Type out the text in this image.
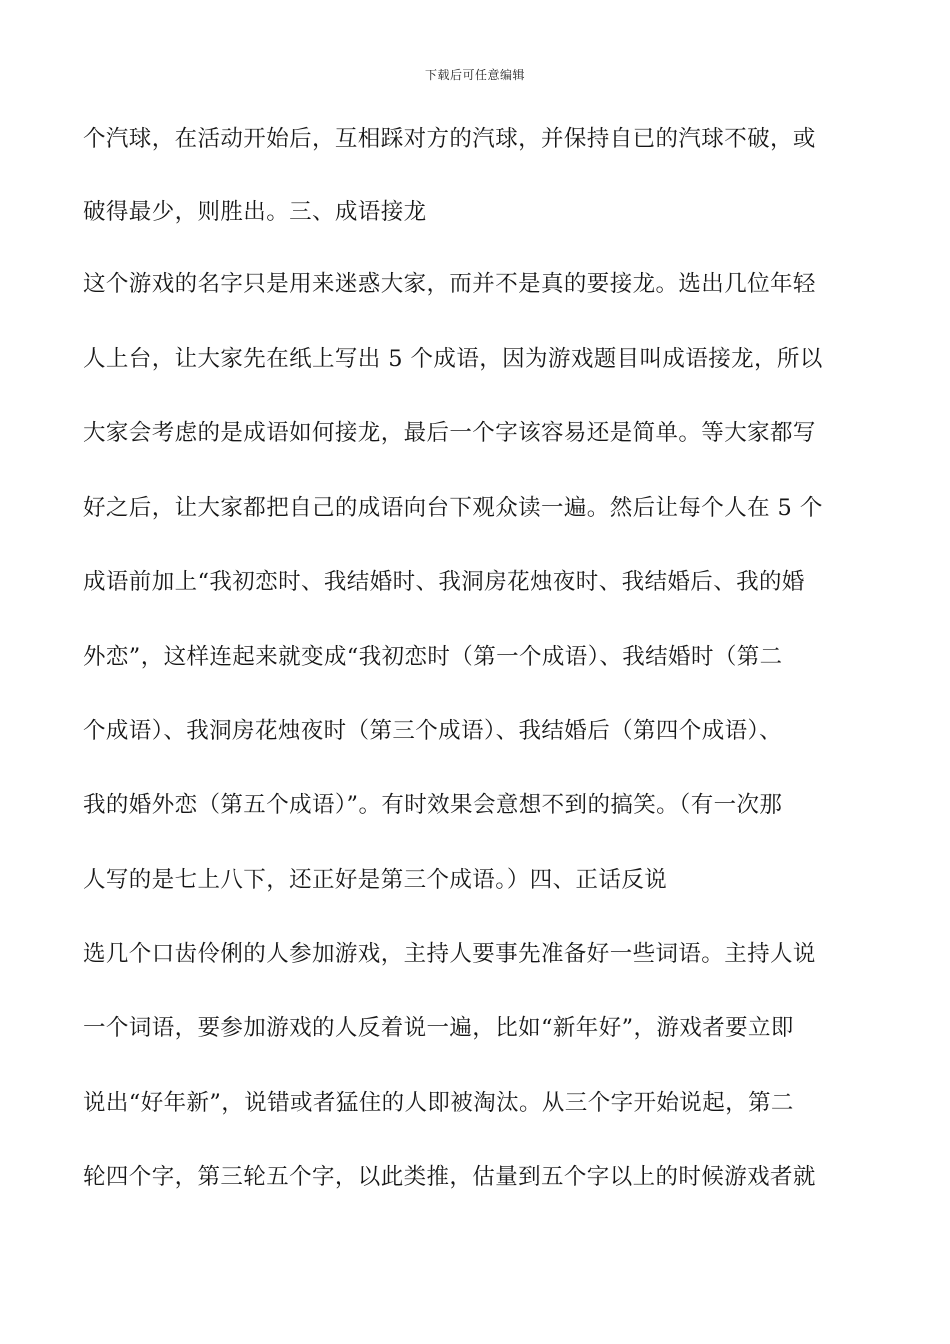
下载后可任意编辑
个汽球，在活动开始后，互相踩对方的汽球，并保持自已的汽球不破，或
破得最少，则胜出。三、成语接龙
这个游戏的名字只是用来迷惑大家，而并不是真的要接龙。选出几位年轻
人上台，让大家先在纸上写出 5 个成语，因为游戏题目叫成语接龙，所以
大家会考虑的是成语如何接龙，最后一个字该容易还是简单。等大家都写
好之后，让大家都把自己的成语向台下观众读一遍。然后让每个人在 5 个
成语前加上“我初恋时、我结婚时、我洞房花烛夜时、我结婚后、我的婚
外恋”，这样连起来就变成“我初恋时（第一个成语）、我结婚时（第二
个成语）、我洞房花烛夜时（第三个成语）、我结婚后（第四个成语）、
我的婚外恋（第五个成语）”。有时效果会意想不到的搞笑。（有一次那
人写的是七上八下，还正好是第三个成语。）四、正话反说
选几个口齿伶俐的人参加游戏，主持人要事先准备好一些词语。主持人说
一个词语，要参加游戏的人反着说一遍，比如“新年好”，游戏者要立即
说出“好年新”，说错或者猛住的人即被淘汰。从三个字开始说起，第二
轮四个字，第三轮五个字，以此类推，估量到五个字以上的时候游戏者就
